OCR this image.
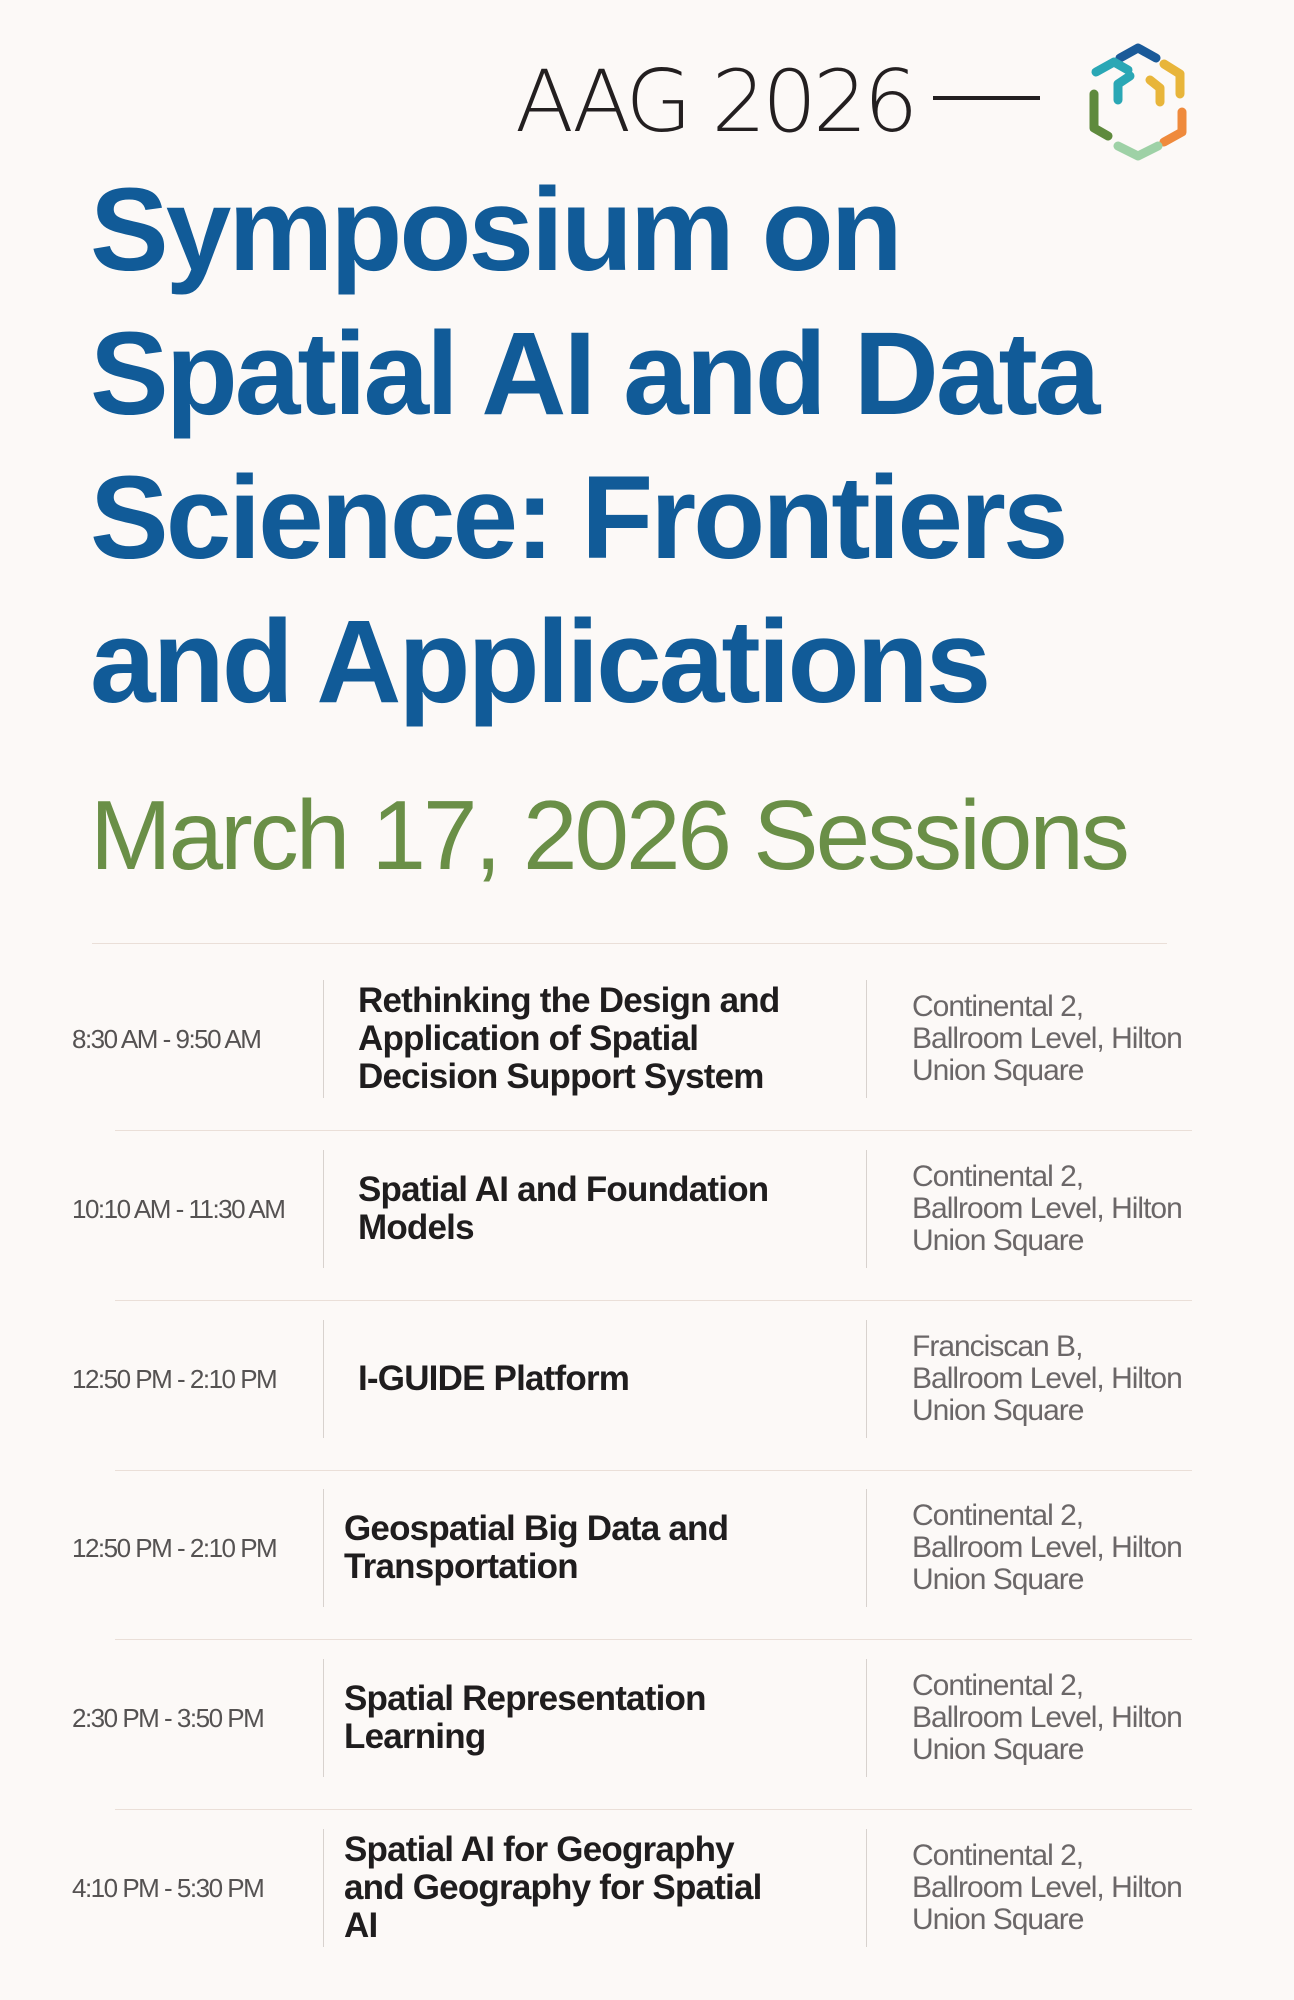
AAG 2026
Symposium on Spatial AI and Data Science: Frontiers and Applications
March 17, 2026 Sessions
8:30 AM - 9:50 AM
Rethinking the Design and
Application of Spatial
Decision Support System
Continental 2,
Ballroom Level, Hilton
Union Square
10:10 AM - 11:30 AM Spatial AI and Foundation
Models
Continental 2,
Ballroom Level, Hilton
Union Square
12:50 PM - 2:10 PM I-GUIDE Platform
Franciscan B,
Ballroom Level, Hilton
Union Square
12:50 PM - 2:10 PM Geospatial Big Data and
Transportation
Continental 2,
Ballroom Level, Hilton
Union Square
2:30 PM - 3:50 PM Spatial Representation
Learning
Continental 2,
Ballroom Level, Hilton
Union Square
4:10 PM - 5:30 PM
Spatial AI for Geography
and Geography for Spatial
AI
Continental 2,
Ballroom Level, Hilton
Union Square
